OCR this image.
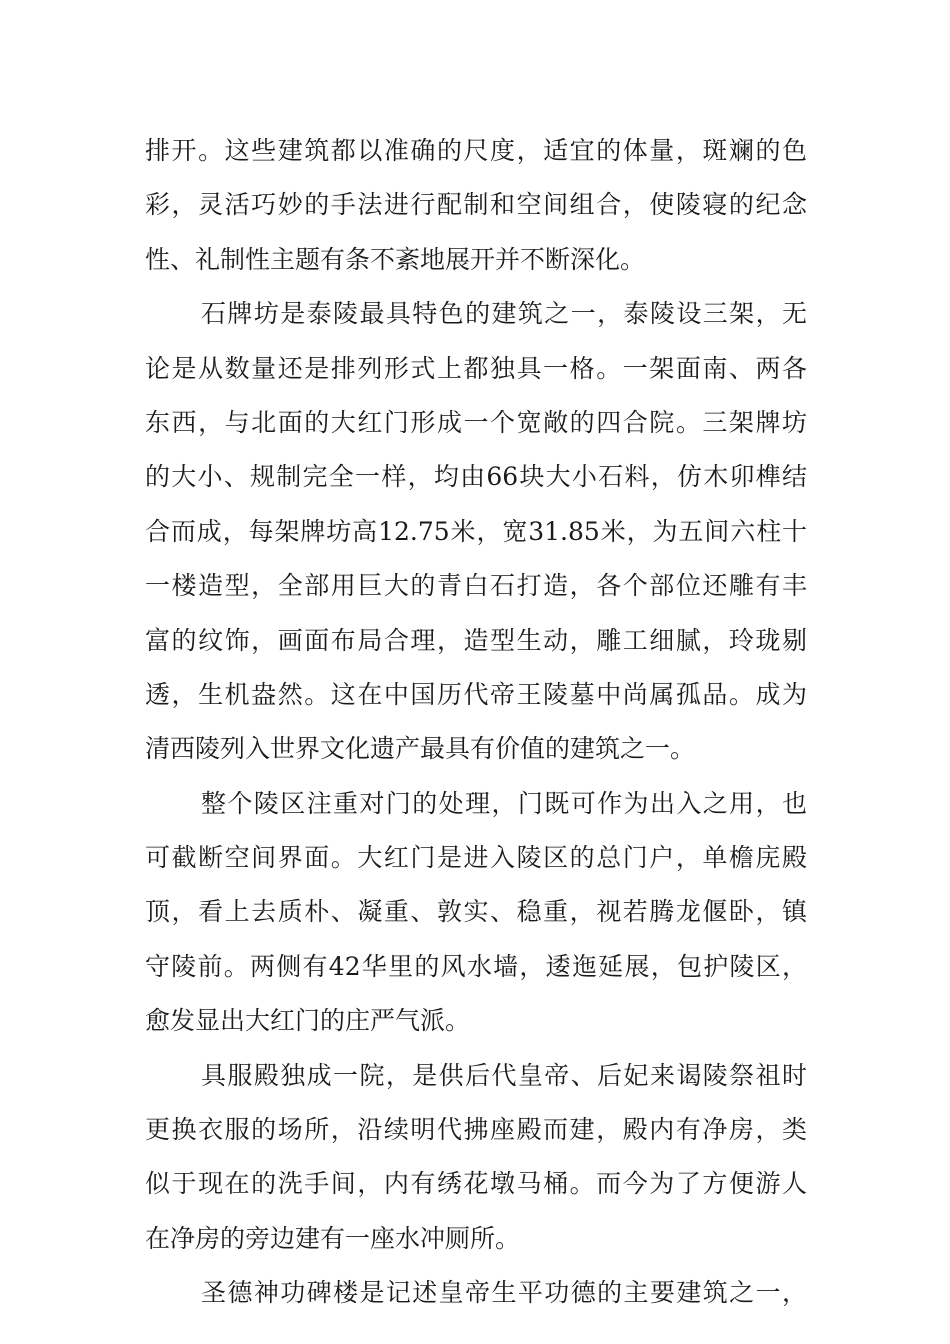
排开。这些建筑都以准确的尺度，适宜的体量，斑斓的色
彩，灵活巧妙的手法进行配制和空间组合，使陵寝的纪念
性、礼制性主题有条不紊地展开并不断深化。
石牌坊是泰陵最具特色的建筑之一，泰陵设三架，无
论是从数量还是排列形式上都独具一格。一架面南、两各
东西，与北面的大红门形成一个宽敞的四合院。三架牌坊
的大小、规制完全一样，均由66块大小石料，仿木卯榫结
合而成，每架牌坊高12.75米，宽31.85米，为五间六柱十
一楼造型，全部用巨大的青白石打造，各个部位还雕有丰
富的纹饰，画面布局合理，造型生动，雕工细腻，玲珑剔
透，生机盎然。这在中国历代帝王陵墓中尚属孤品。成为
清西陵列入世界文化遗产最具有价值的建筑之一。
整个陵区注重对门的处理，门既可作为出入之用，也
可截断空间界面。大红门是进入陵区的总门户，单檐庑殿
顶，看上去质朴、凝重、敦实、稳重，视若腾龙偃卧，镇
守陵前。两侧有42华里的风水墙，逶迤延展，包护陵区，
愈发显出大红门的庄严气派。
具服殿独成一院，是供后代皇帝、后妃来谒陵祭祖时
更换衣服的场所，沿续明代拂座殿而建，殿内有净房，类
似于现在的洗手间，内有绣花墩马桶。而今为了方便游人
在净房的旁边建有一座水冲厕所。
圣德神功碑楼是记述皇帝生平功德的主要建筑之一，
